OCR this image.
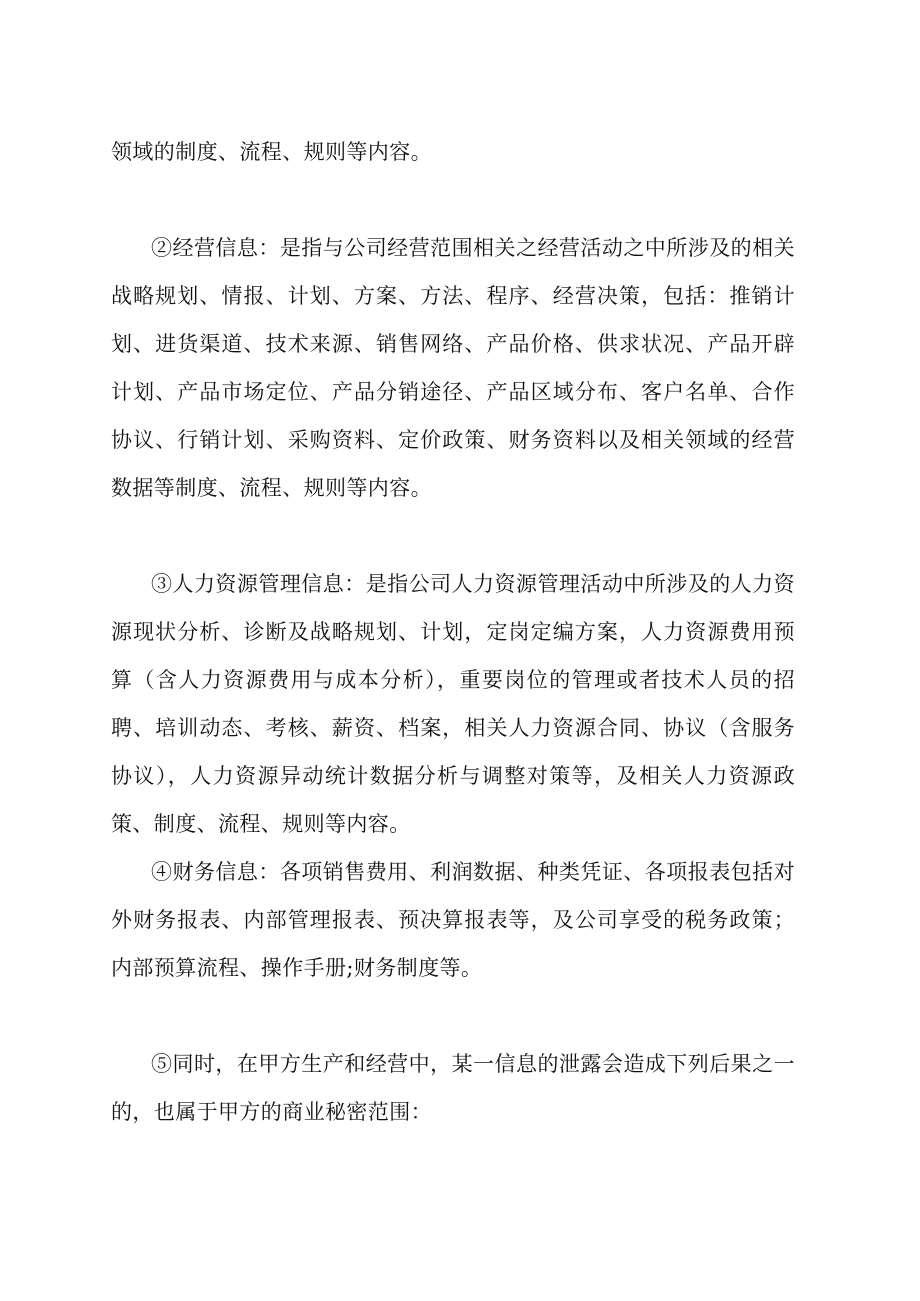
领域的制度、流程、规则等内容。

②经营信息：是指与公司经营范围相关之经营活动之中所涉及的相关战略规划、情报、计划、方案、方法、程序、经营决策，包括：推销计划、进货渠道、技术来源、销售网络、产品价格、供求状况、产品开辟计划、产品市场定位、产品分销途径、产品区域分布、客户名单、合作协议、行销计划、采购资料、定价政策、财务资料以及相关领域的经营数据等制度、流程、规则等内容。

③人力资源管理信息：是指公司人力资源管理活动中所涉及的人力资源现状分析、诊断及战略规划、计划，定岗定编方案，人力资源费用预算（含人力资源费用与成本分析），重要岗位的管理或者技术人员的招聘、培训动态、考核、薪资、档案，相关人力资源合同、协议（含服务协议），人力资源异动统计数据分析与调整对策等，及相关人力资源政策、制度、流程、规则等内容。

④财务信息：各项销售费用、利润数据、种类凭证、各项报表包括对外财务报表、内部管理报表、预决算报表等，及公司享受的税务政策；内部预算流程、操作手册;财务制度等。

⑤同时，在甲方生产和经营中，某一信息的泄露会造成下列后果之一的，也属于甲方的商业秘密范围：
